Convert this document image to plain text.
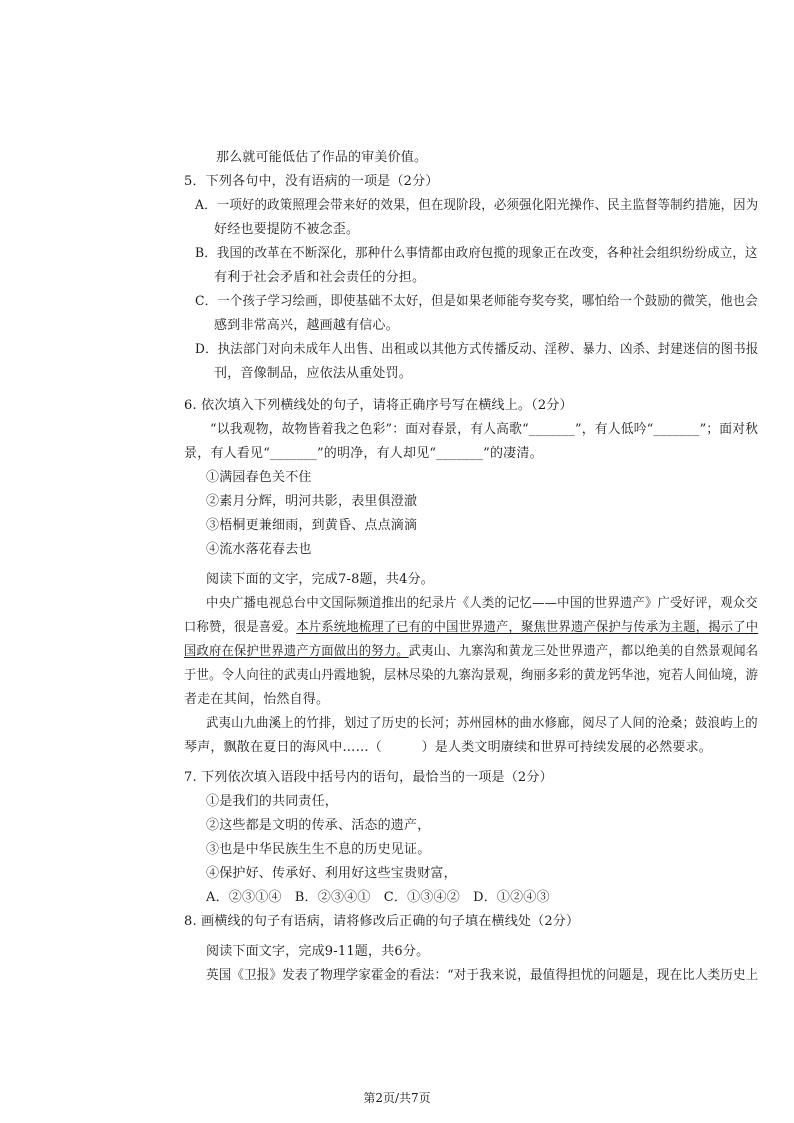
那么就可能低估了作品的审美价值。
5．下列各句中，没有语病的一项是（2分）
A．一项好的政策照理会带来好的效果，但在现阶段，必须强化阳光操作、民主监督等制约措施，因为
好经也要提防不被念歪。
B．我国的改革在不断深化，那种什么事情都由政府包揽的现象正在改变，各种社会组织纷纷成立，这
有利于社会矛盾和社会责任的分担。
C．一个孩子学习绘画，即使基础不太好，但是如果老师能夸奖夸奖，哪怕给一个鼓励的微笑，他也会
感到非常高兴，越画越有信心。
D．执法部门对向未成年人出售、出租或以其他方式传播反动、淫秽、暴力、凶杀、封建迷信的图书报
刊，音像制品，应依法从重处罚。
6. 依次填入下列横线处的句子，请将正确序号写在横线上。（2分）
“以我观物，故物皆着我之色彩”：面对春景，有人高歌“_______”，有人低吟“_______”；面对秋
景，有人看见“_______”的明净，有人却见“_______”的凄清。
①满园春色关不住
②素月分辉，明河共影，表里俱澄澈
③梧桐更兼细雨，到黄昏、点点滴滴
④流水落花春去也
阅读下面的文字，完成7-8题，共4分。
中央广播电视总台中文国际频道推出的纪录片《人类的记忆——中国的世界遗产》广受好评，观众交
口称赞，很是喜爱。本片系统地梳理了已有的中国世界遗产，聚焦世界遗产保护与传承为主题，揭示了中
国政府在保护世界遗产方面做出的努力。武夷山、九寨沟和黄龙三处世界遗产，都以绝美的自然景观闻名
于世。令人向往的武夷山丹霞地貌，层林尽染的九寨沟景观，绚丽多彩的黄龙钙华池，宛若人间仙境，游
者走在其间，怡然自得。
武夷山九曲溪上的竹排，划过了历史的长河；苏州园林的曲水修廊，阅尽了人间的沧桑；鼓浪屿上的
琴声，飘散在夏日的海风中……（　　　）是人类文明赓续和世界可持续发展的必然要求。
7. 下列依次填入语段中括号内的语句，最恰当的一项是（2分）
①是我们的共同责任，
②这些都是文明的传承、活态的遗产，
③也是中华民族生生不息的历史见证。
④保护好、传承好、利用好这些宝贵财富，
A．②③①④　B．②③④①　C．①③④②　D．①②④③
8. 画横线的句子有语病，请将修改后正确的句子填在横线处（2分）
阅读下面文字，完成9-11题，共6分。
英国《卫报》发表了物理学家霍金的看法：“对于我来说，最值得担忧的问题是，现在比人类历史上
第2页/共7页
